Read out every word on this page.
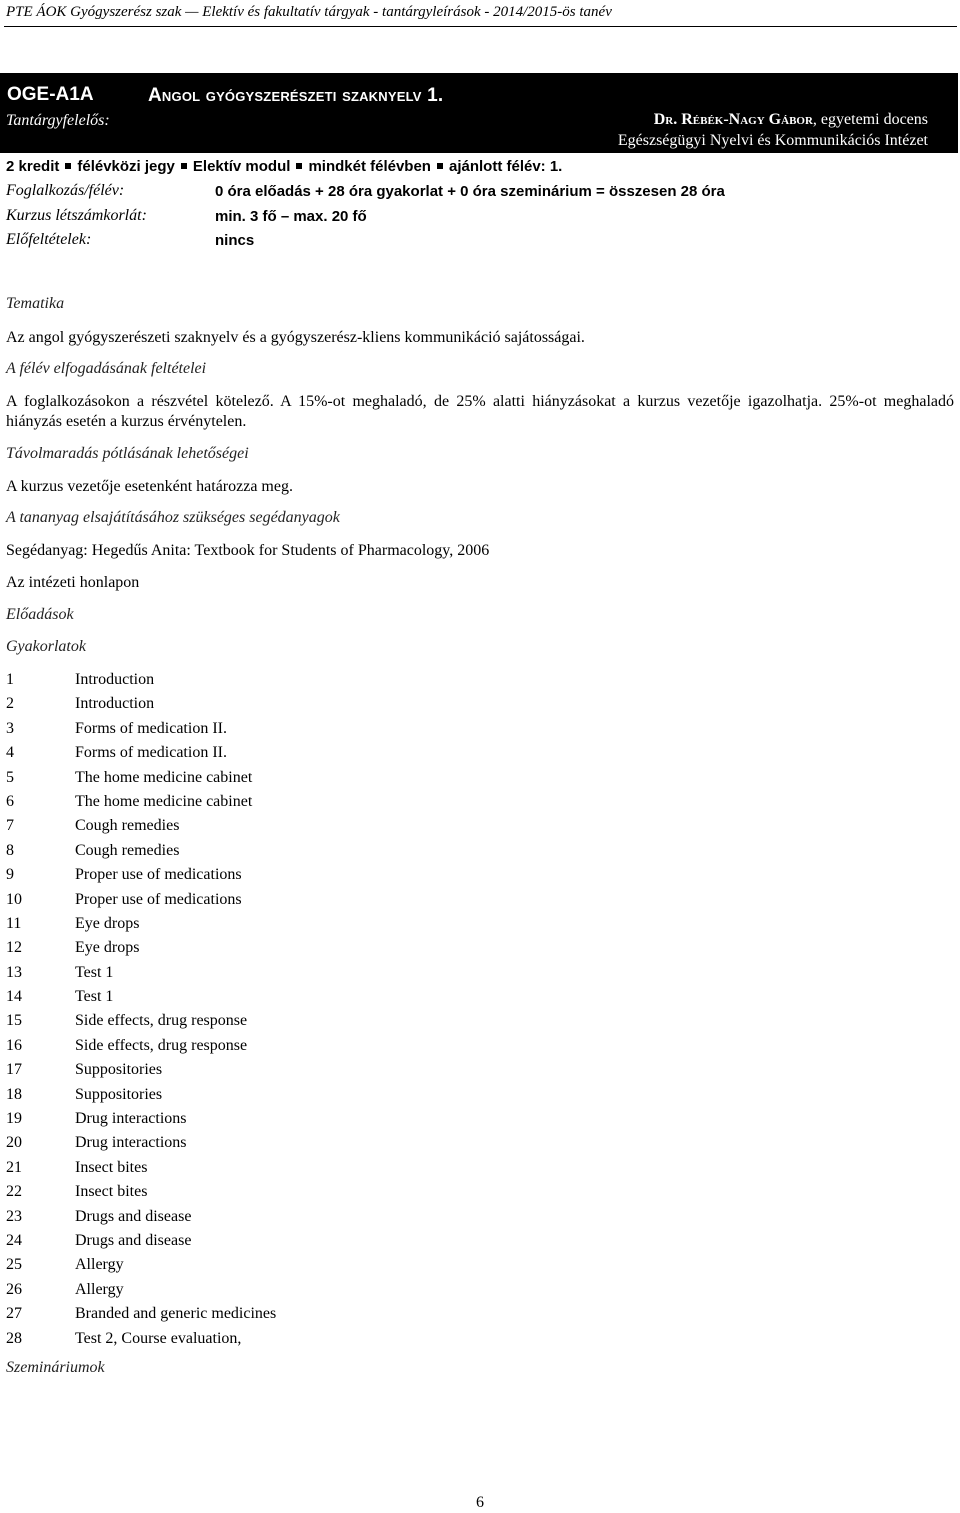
PTE ÁOK Gyógyszerész szak — Elektív és fakultatív tárgyak - tantárgyleírások - 2014/2015-ös tanév
OGE-A1A	Angol gyógyszerészeti szaknyelv 1.
Tantárgyfelelős:	Dr. Rébék-Nagy Gábor, egyetemi docens
Egészségügyi Nyelvi és Kommunikációs Intézet
2 kredit félévközi jegy Elektív modul mindkét félévben ajánlott félév: 1.
Foglalkozás/félév:	0 óra előadás + 28 óra gyakorlat + 0 óra szeminárium = összesen 28 óra
Kurzus létszámkorlát:	min. 3 fő – max. 20 fő
Előfeltételek:	nincs
Tematika
Az angol gyógyszerészeti szaknyelv és a gyógyszerész-kliens kommunikáció sajátosságai.
A félév elfogadásának feltételei
A foglalkozásokon a részvétel kötelező. A 15%-ot meghaladó, de 25% alatti hiányzásokat a kurzus vezetője igazolhatja. 25%-ot meghaladó hiányzás esetén a kurzus érvénytelen.
Távolmaradás pótlásának lehetőségei
A kurzus vezetője esetenként határozza meg.
A tananyag elsajátításához szükséges segédanyagok
Segédanyag: Hegedűs Anita: Textbook for Students of Pharmacology, 2006
Az intézeti honlapon
Előadások
Gyakorlatok
1	Introduction
2	Introduction
3	Forms of medication II.
4	Forms of medication II.
5	The home medicine cabinet
6	The home medicine cabinet
7	Cough remedies
8	Cough remedies
9	Proper use of medications
10	Proper use of medications
11	Eye drops
12	Eye drops
13	Test 1
14	Test 1
15	Side effects, drug response
16	Side effects, drug response
17	Suppositories
18	Suppositories
19	Drug interactions
20	Drug interactions
21	Insect bites
22	Insect bites
23	Drugs and disease
24	Drugs and disease
25	Allergy
26	Allergy
27	Branded and generic medicines
28	Test 2, Course evaluation,
Szemináriumok
6
